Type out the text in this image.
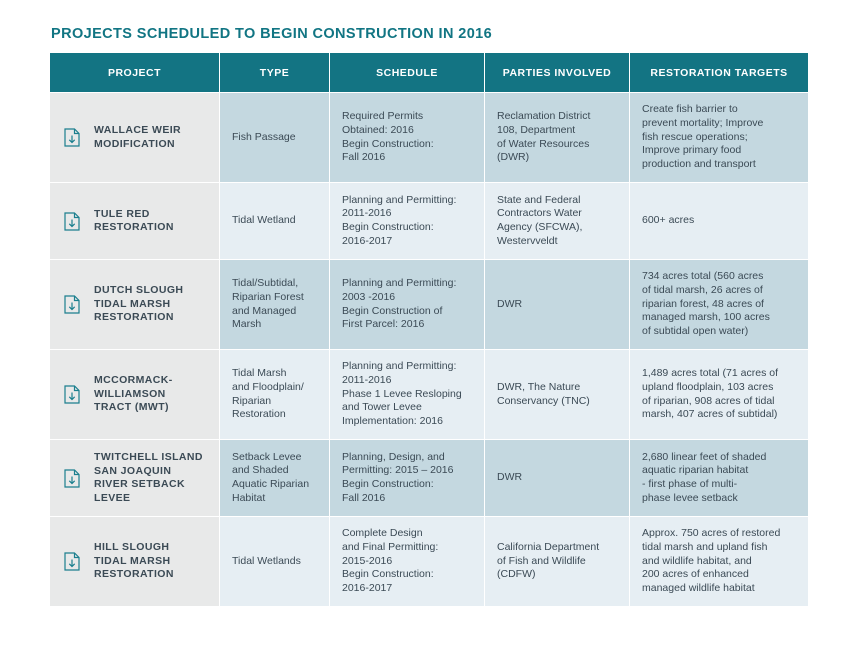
PROJECTS SCHEDULED TO BEGIN CONSTRUCTION IN 2016
PROJECT	TYPE	SCHEDULE	PARTIES INVOLVED	RESTORATION TARGETS

WALLACE WEIR
MODIFICATION	Fish Passage	Required Permits
Obtained: 2016
Begin Construction:
Fall 2016	Reclamation District
108, Department
of Water Resources
(DWR)	Create fish barrier to
prevent mortality; Improve
fish rescue operations;
Improve primary food
production and transport

TULE RED
RESTORATION	Tidal Wetland	Planning and Permitting:
2011-2016
Begin Construction:
2016-2017	State and Federal
Contractors Water
Agency (SFCWA),
Westervveldt	600+ acres

DUTCH SLOUGH
TIDAL MARSH
RESTORATION	Tidal/Subtidal,
Riparian Forest
and Managed
Marsh	Planning and Permitting:
2003 -2016
Begin Construction of
First Parcel: 2016	DWR	734 acres total (560 acres
of tidal marsh, 26 acres of
riparian forest, 48 acres of
managed marsh, 100 acres
of subtidal open water)

MCCORMACK-
WILLIAMSON
TRACT (MWT)	Tidal Marsh
and Floodplain/
Riparian
Restoration	Planning and Permitting:
2011-2016
Phase 1 Levee Resloping
and Tower Levee
Implementation: 2016	DWR, The Nature
Conservancy (TNC)	1,489 acres total (71 acres of
upland floodplain, 103 acres
of riparian, 908 acres of tidal
marsh, 407 acres of subtidal)

TWITCHELL ISLAND
SAN JOAQUIN
RIVER SETBACK
LEVEE	Setback Levee
and Shaded
Aquatic Riparian
Habitat	Planning, Design, and
Permitting: 2015 – 2016
Begin Construction:
Fall 2016	DWR	2,680 linear feet of shaded
aquatic riparian habitat
- first phase of multi-
phase levee setback

HILL SLOUGH
TIDAL MARSH
RESTORATION	Tidal Wetlands	Complete Design
and Final Permitting:
2015-2016
Begin Construction:
2016-2017	California Department
of Fish and Wildlife
(CDFW)	Approx. 750 acres of restored
tidal marsh and upland fish
and wildlife habitat, and
200 acres of enhanced
managed wildlife habitat
